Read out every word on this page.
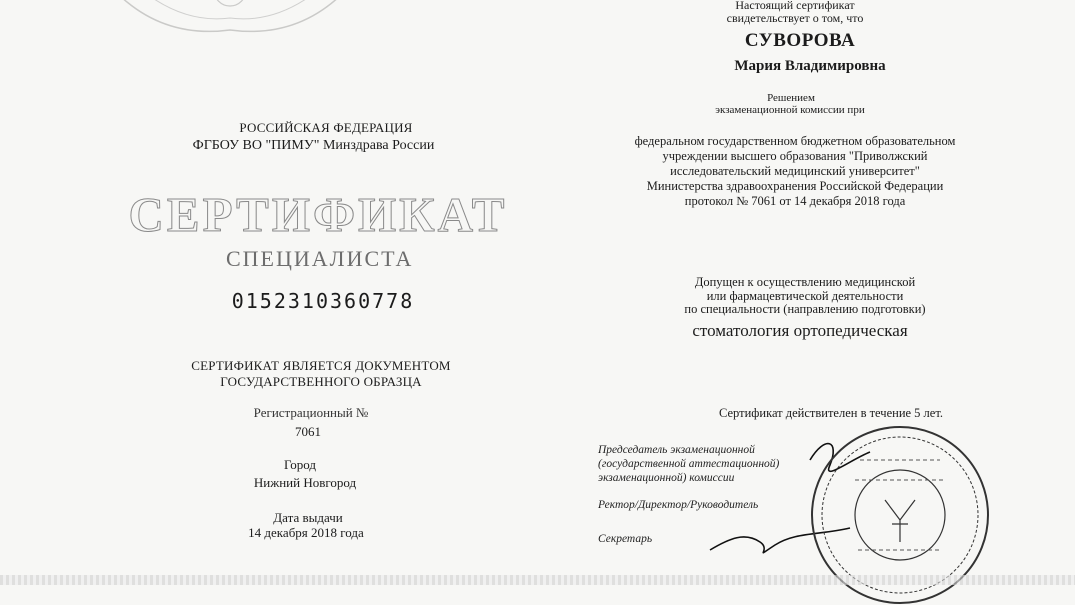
РОССИЙСКАЯ ФЕДЕРАЦИЯ
ФГБОУ ВО "ПИМУ" Минздрава России
СЕРТИФИКАТ
СПЕЦИАЛИСТА
0152310360778
СЕРТИФИКАТ ЯВЛЯЕТСЯ ДОКУМЕНТОМ
ГОСУДАРСТВЕННОГО ОБРАЗЦА
Регистрационный №
7061
Город
Нижний Новгород
Дата выдачи
14 декабря 2018 года
Настоящий сертификат
свидетельствует о том, что
СУВОРОВА
Мария Владимировна
Решением
экзаменационной комиссии при
федеральном государственном бюджетном образовательном
учреждении высшего образования "Приволжский
исследовательский медицинский университет"
Министерства здравоохранения Российской Федерации
протокол № 7061 от 14 декабря 2018 года
Допущен к осуществлению медицинской
или фармацевтической деятельности
по специальности (направлению подготовки)
стоматология ортопедическая
Сертификат действителен в течение 5 лет.
Председатель экзаменационной
(государственной аттестационной)
экзаменационной) комиссии
Ректор/Директор/Руководитель
Секретарь
